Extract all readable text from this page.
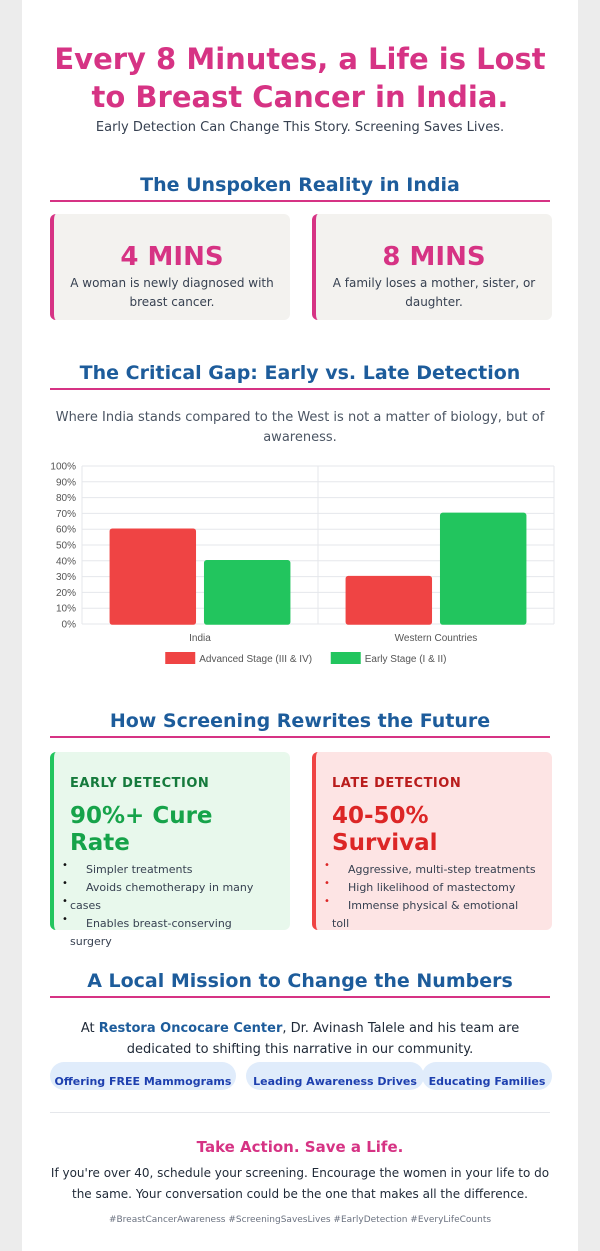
Every 8 Minutes, a Life is Lost
to Breast Cancer in India.
Early Detection Can Change This Story. Screening Saves Lives.
The Unspoken Reality in India
4 MINS
A woman is newly diagnosed with
breast cancer.
8 MINS
A family loses a mother, sister, or
daughter.
The Critical Gap: Early vs. Late Detection
Where India stands compared to the West is not a matter of biology, but of
awareness.
0%
10%
20%
30%
40%
50%
60%
70%
80%
90%
100%
India	Western Countries
Advanced Stage (III & IV)	Early Stage (I & II)
How Screening Rewrites the Future
EARLY DETECTION
90%+ Cure Rate
• Simpler treatments
• Avoids chemotherapy in many
• cases
• Enables breast-conserving surgery
LATE DETECTION
40-50%
Survival
• Aggressive, multi-step treatments
• High likelihood of mastectomy
• Immense physical & emotional toll
A Local Mission to Change the Numbers
At Restora Oncocare Center, Dr. Avinash Talele and his team are
dedicated to shifting this narrative in our community.
Offering FREE Mammograms	Leading Awareness Drives	Educating Families
Take Action. Save a Life.
If you're over 40, schedule your screening. Encourage the women in your life to do
the same. Your conversation could be the one that makes all the difference.
#BreastCancerAwareness #ScreeningSavesLives #EarlyDetection #EveryLifeCounts
